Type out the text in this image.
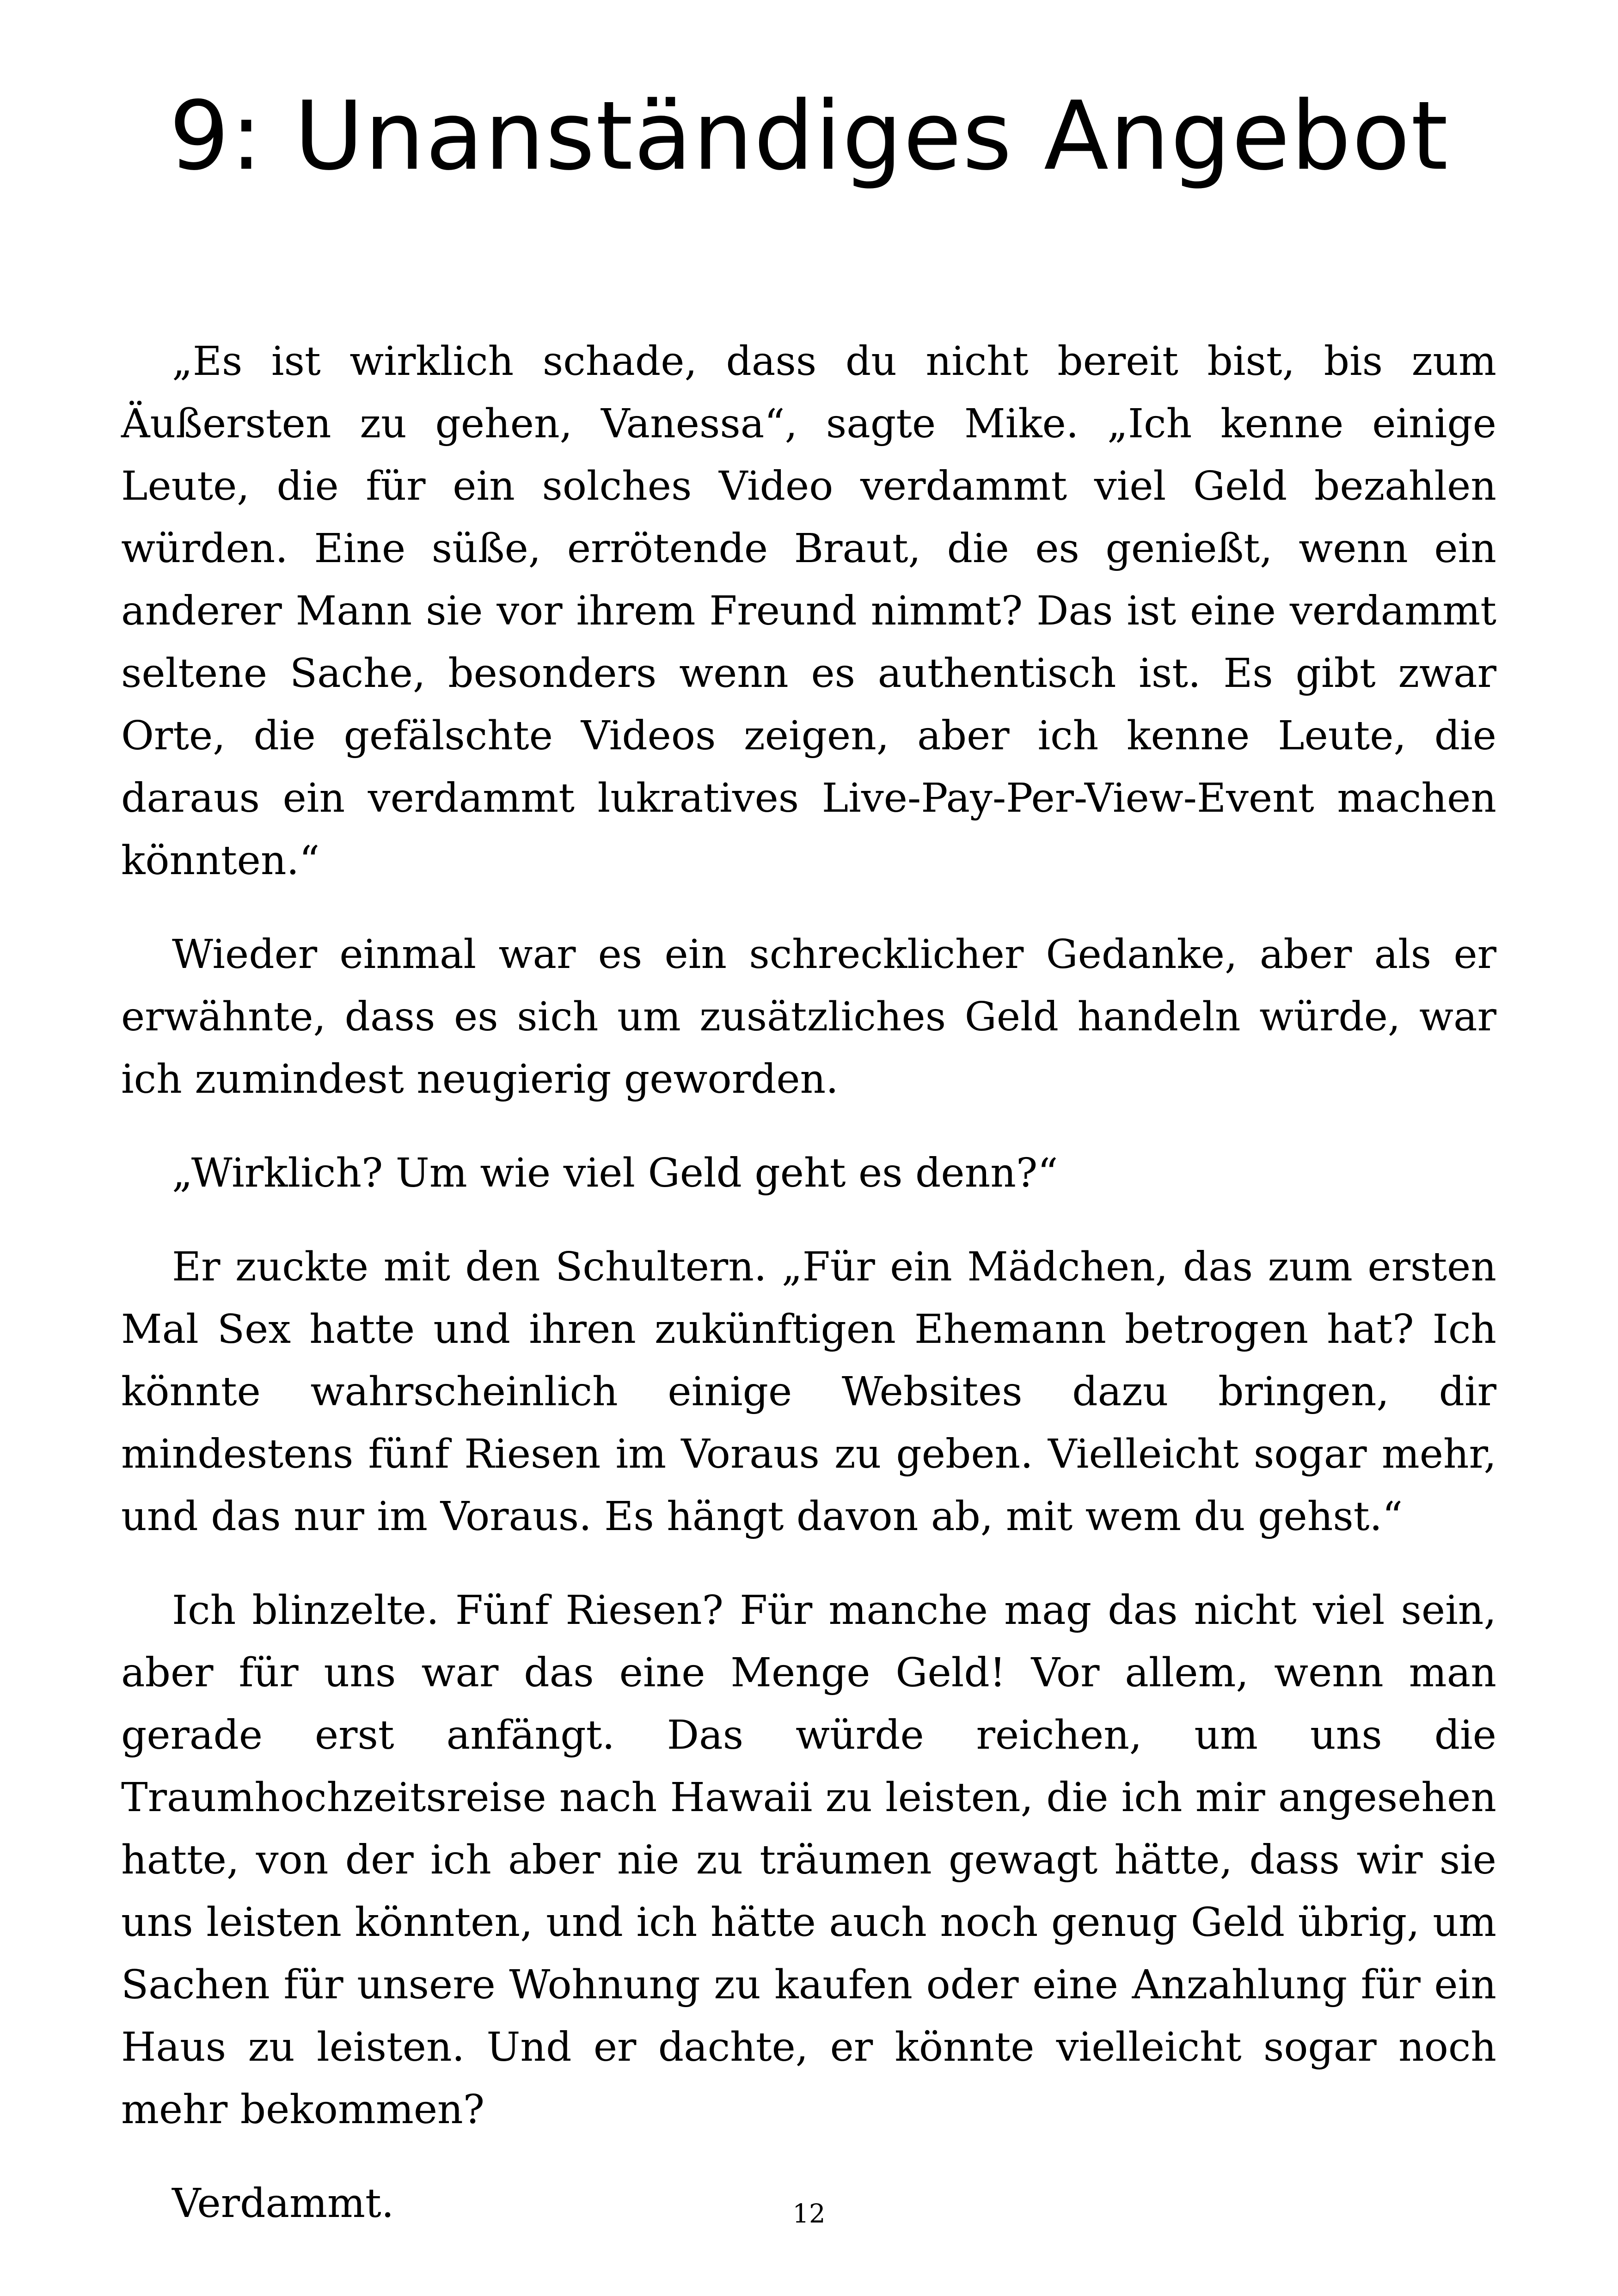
9: Unanständiges Angebot

„Es ist wirklich schade, dass du nicht bereit bist, bis zum Äußersten zu gehen, Vanessa“, sagte Mike. „Ich kenne einige Leute, die für ein solches Video verdammt viel Geld bezahlen würden. Eine süße, errötende Braut, die es genießt, wenn ein anderer Mann sie vor ihrem Freund nimmt? Das ist eine verdammt seltene Sache, besonders wenn es authentisch ist. Es gibt zwar Orte, die gefälschte Videos zeigen, aber ich kenne Leute, die daraus ein verdammt lukratives Live-Pay-Per-View-Event machen könnten.“

Wieder einmal war es ein schrecklicher Gedanke, aber als er erwähnte, dass es sich um zusätzliches Geld handeln würde, war ich zumindest neugierig geworden.

„Wirklich? Um wie viel Geld geht es denn?“

Er zuckte mit den Schultern. „Für ein Mädchen, das zum ersten Mal Sex hatte und ihren zukünftigen Ehemann betrogen hat? Ich könnte wahrscheinlich einige Websites dazu bringen, dir mindestens fünf Riesen im Voraus zu geben. Vielleicht sogar mehr, und das nur im Voraus. Es hängt davon ab, mit wem du gehst.“

Ich blinzelte. Fünf Riesen? Für manche mag das nicht viel sein, aber für uns war das eine Menge Geld! Vor allem, wenn man gerade erst anfängt. Das würde reichen, um uns die Traumhochzeitsreise nach Hawaii zu leisten, die ich mir angesehen hatte, von der ich aber nie zu träumen gewagt hätte, dass wir sie uns leisten könnten, und ich hätte auch noch genug Geld übrig, um Sachen für unsere Wohnung zu kaufen oder eine Anzahlung für ein Haus zu leisten. Und er dachte, er könnte vielleicht sogar noch mehr bekommen?

Verdammt.	12
